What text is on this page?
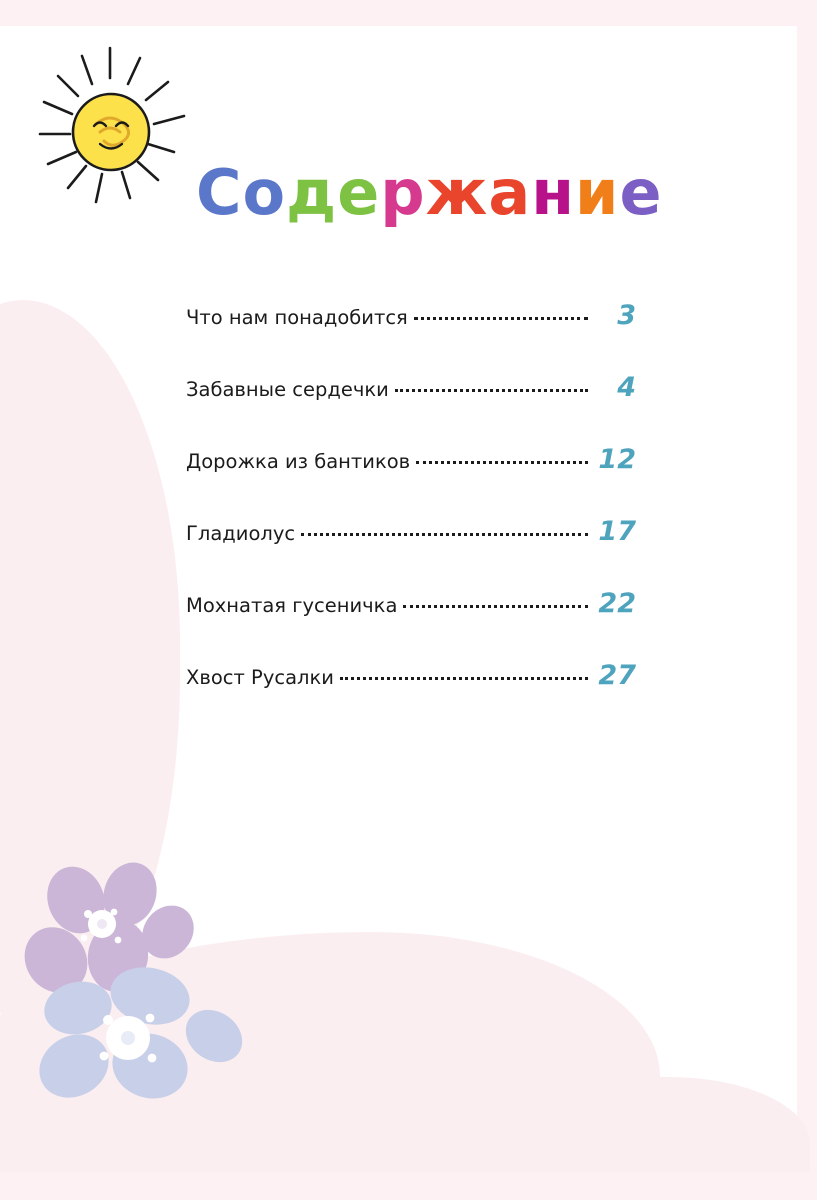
Содержание
Что нам понадобится	3
Забавные сердечки	4
Дорожка из бантиков	12
Гладиолус	17
Мохнатая гусеничка	22
Хвост Русалки	27
